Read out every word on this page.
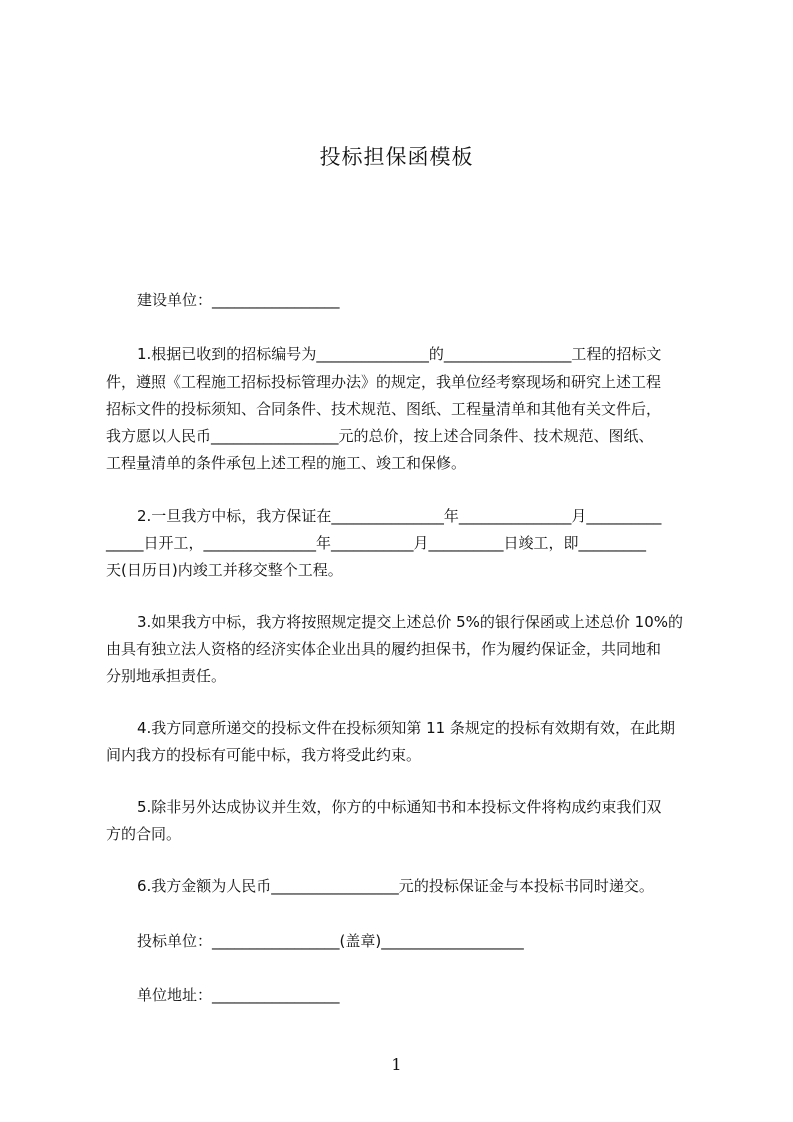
投标担保函模板
建设单位：_________________
1.根据已收到的招标编号为_______________的_________________工程的招标文
件，遵照《工程施工招标投标管理办法》的规定，我单位经考察现场和研究上述工程
招标文件的投标须知、合同条件、技术规范、图纸、工程量清单和其他有关文件后，
我方愿以人民币_________________元的总价，按上述合同条件、技术规范、图纸、
工程量清单的条件承包上述工程的施工、竣工和保修。
2.一旦我方中标，我方保证在_______________年_______________月__________
_____日开工，_______________年___________月__________日竣工，即_________
天(日历日)内竣工并移交整个工程。
3.如果我方中标，我方将按照规定提交上述总价 5%的银行保函或上述总价 10%的
由具有独立法人资格的经济实体企业出具的履约担保书，作为履约保证金，共同地和
分别地承担责任。
4.我方同意所递交的投标文件在投标须知第 11 条规定的投标有效期有效，在此期
间内我方的投标有可能中标，我方将受此约束。
5.除非另外达成协议并生效，你方的中标通知书和本投标文件将构成约束我们双
方的合同。
6.我方金额为人民币_________________元的投标保证金与本投标书同时递交。
投标单位：_________________(盖章)___________________
单位地址：_________________
1
